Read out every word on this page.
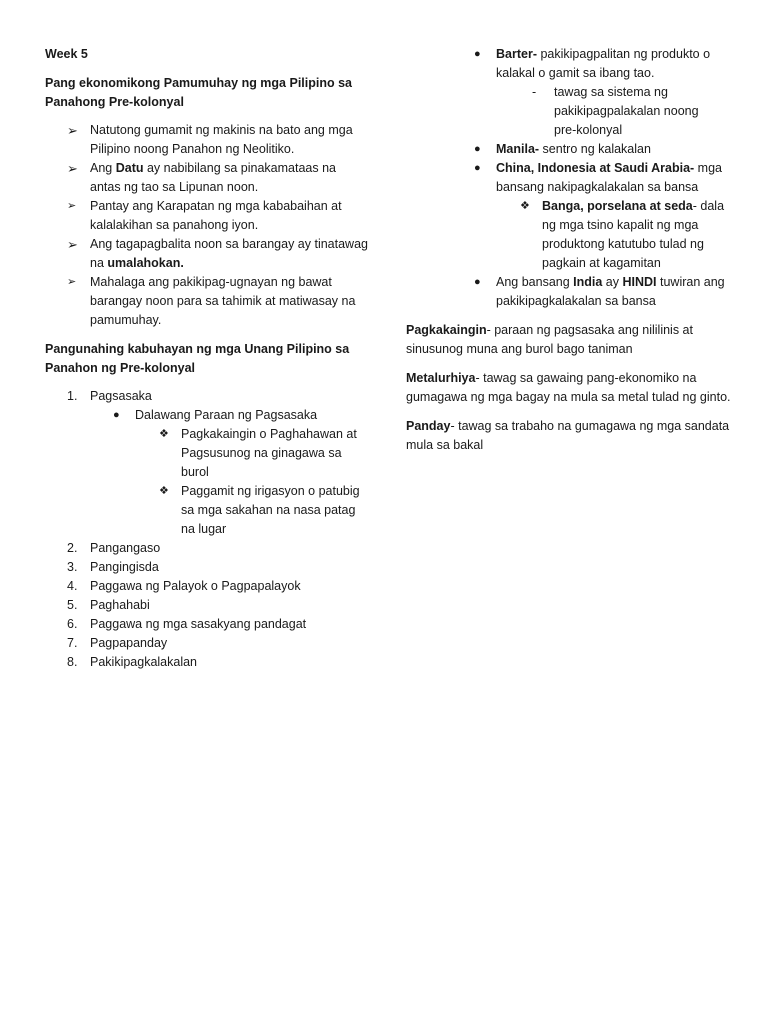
Week 5

Pang ekonomikong Pamumuhay ng mga Pilipino sa Panahong Pre-kolonyal

➢ Natutong gumamit ng makinis na bato ang mga Pilipino noong Panahon ng Neolitiko.
➢ Ang Datu ay nabibilang sa pinakamataas na antas ng tao sa Lipunan noon.
➢ Pantay ang Karapatan ng mga kababaihan at kalalakihan sa panahong iyon.
➢ Ang tagapagbalita noon sa barangay ay tinatawag na umalahokan.
➢ Mahalaga ang pakikipag-ugnayan ng bawat barangay noon para sa tahimik at matiwasay na pamumuhay.

Pangunahing kabuhayan ng mga Unang Pilipino sa Panahon ng Pre-kolonyal

1. Pagsasaka
● Dalawang Paraan ng Pagsasaka
❖ Pagkakaingin o Paghahawan at Pagsusunog na ginagawa sa burol
❖ Paggamit ng irigasyon o patubig sa mga sakahan na nasa patag na lugar
2. Pangangaso
3. Pangingisda
4. Paggawa ng Palayok o Pagpapalayok
5. Paghahabi
6. Paggawa ng mga sasakyang pandagat
7. Pagpapanday
8. Pakikipagkalakalan
● Barter- pakikipagpalitan ng produkto o kalakal o gamit sa ibang tao.
- tawag sa sistema ng pakikipagpalakalan noong pre-kolonyal
● Manila- sentro ng kalakalan
● China, Indonesia at Saudi Arabia- mga bansang nakipagkalakalan sa bansa
❖ Banga, porselana at seda- dala ng mga tsino kapalit ng mga produktong katutubo tulad ng pagkain at kagamitan
● Ang bansang India ay HINDI tuwiran ang pakikipagkalakalan sa bansa

Pagkakaingin- paraan ng pagsasaka ang nililinis at sinusunog muna ang burol bago taniman

Metalurhiya- tawag sa gawaing pang-ekonomiko na gumagawa ng mga bagay na mula sa metal tulad ng ginto.

Panday- tawag sa trabaho na gumagawa ng mga sandata mula sa bakal
